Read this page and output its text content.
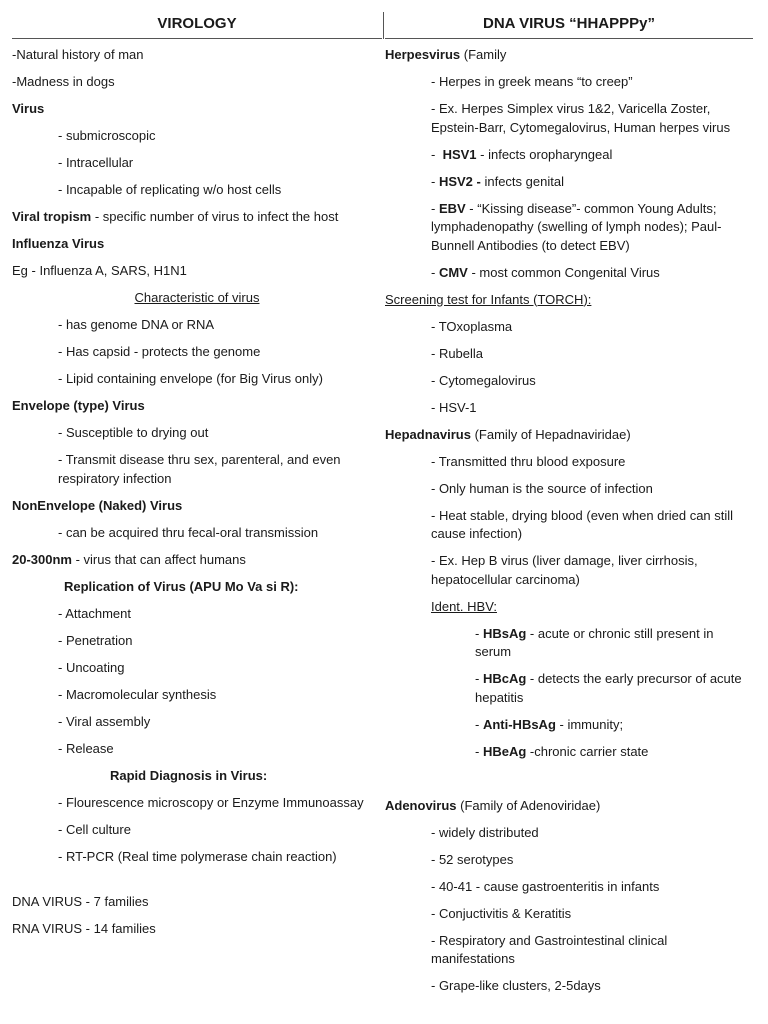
VIROLOGY
-Natural history of man
-Madness in dogs
Virus
- submicroscopic
- Intracellular
- Incapable of replicating w/o host cells
Viral tropism - specific number of virus to infect the host
Influenza Virus
Eg - Influenza A, SARS, H1N1
Characteristic of virus
- has genome DNA or RNA
- Has capsid - protects the genome
- Lipid containing envelope (for Big Virus only)
Envelope (type) Virus
- Susceptible to drying out
- Transmit disease thru sex, parenteral, and even respiratory infection
NonEnvelope (Naked) Virus
- can be acquired thru fecal-oral transmission
20-300nm - virus that can affect humans
Replication of Virus (APU Mo Va si R):
- Attachment
- Penetration
- Uncoating
- Macromolecular synthesis
- Viral assembly
- Release
Rapid Diagnosis in Virus:
- Flourescence microscopy or Enzyme Immunoassay
- Cell culture
- RT-PCR (Real time polymerase chain reaction)
DNA VIRUS - 7 families
RNA VIRUS - 14 families
DNA VIRUS “HHAPPPy”
Herpesvirus (Family
- Herpes in greek means “to creep”
- Ex. Herpes Simplex virus 1&2, Varicella Zoster, Epstein-Barr, Cytomegalovirus, Human herpes virus
-  HSV1 - infects oropharyngeal
- HSV2 - infects genital
- EBV - “Kissing disease”- common Young Adults; lymphadenopathy (swelling of lymph nodes); Paul-Bunnell Antibodies (to detect EBV)
- CMV - most common Congenital Virus
Screening test for Infants (TORCH):
- TOxoplasma
- Rubella
- Cytomegalovirus
- HSV-1
Hepadnavirus (Family of Hepadnaviridae)
- Transmitted thru blood exposure
- Only human is the source of infection
- Heat stable, drying blood (even when dried can still cause infection)
- Ex. Hep B virus (liver damage, liver cirrhosis, hepatocellular carcinoma)
Ident. HBV:
- HBsAg - acute or chronic still present in serum
- HBcAg - detects the early precursor of acute hepatitis
- Anti-HBsAg - immunity;
- HBeAg -chronic carrier state
Adenovirus (Family of Adenoviridae)
- widely distributed
- 52 serotypes
- 40-41 - cause gastroenteritis in infants
- Conjuctivitis & Keratitis
- Respiratory and Gastrointestinal clinical manifestations
- Grape-like clusters, 2-5days
